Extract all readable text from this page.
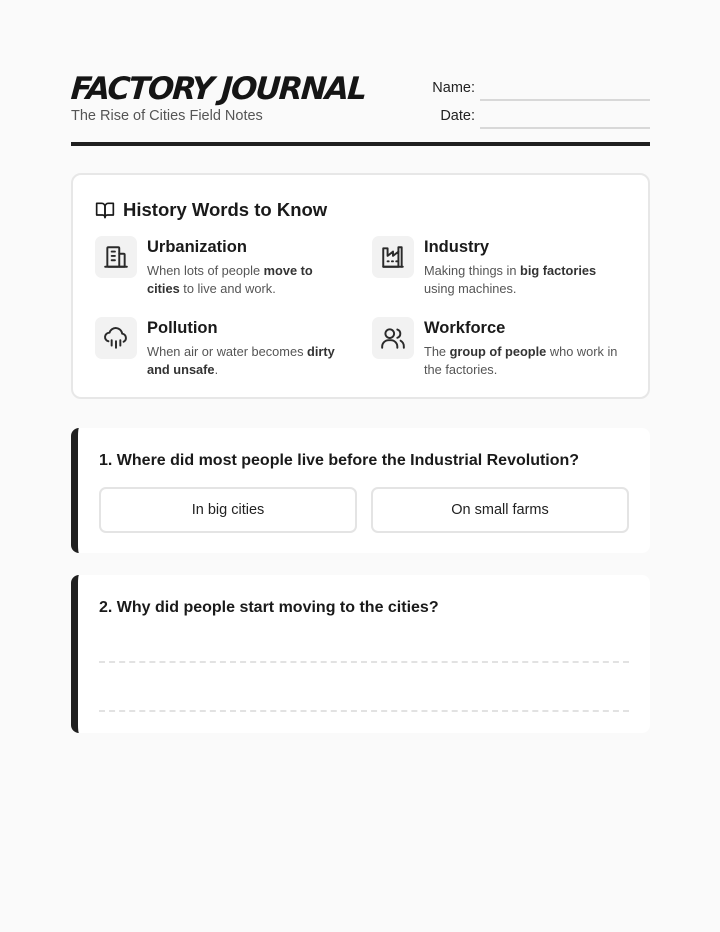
FACTORY JOURNAL
The Rise of Cities Field Notes
Name:
Date:
History Words to Know
Urbanization
When lots of people move to cities to live and work.
Industry
Making things in big factories using machines.
Pollution
When air or water becomes dirty and unsafe.
Workforce
The group of people who work in the factories.
1. Where did most people live before the Industrial Revolution?
In big cities	On small farms
2. Why did people start moving to the cities?
